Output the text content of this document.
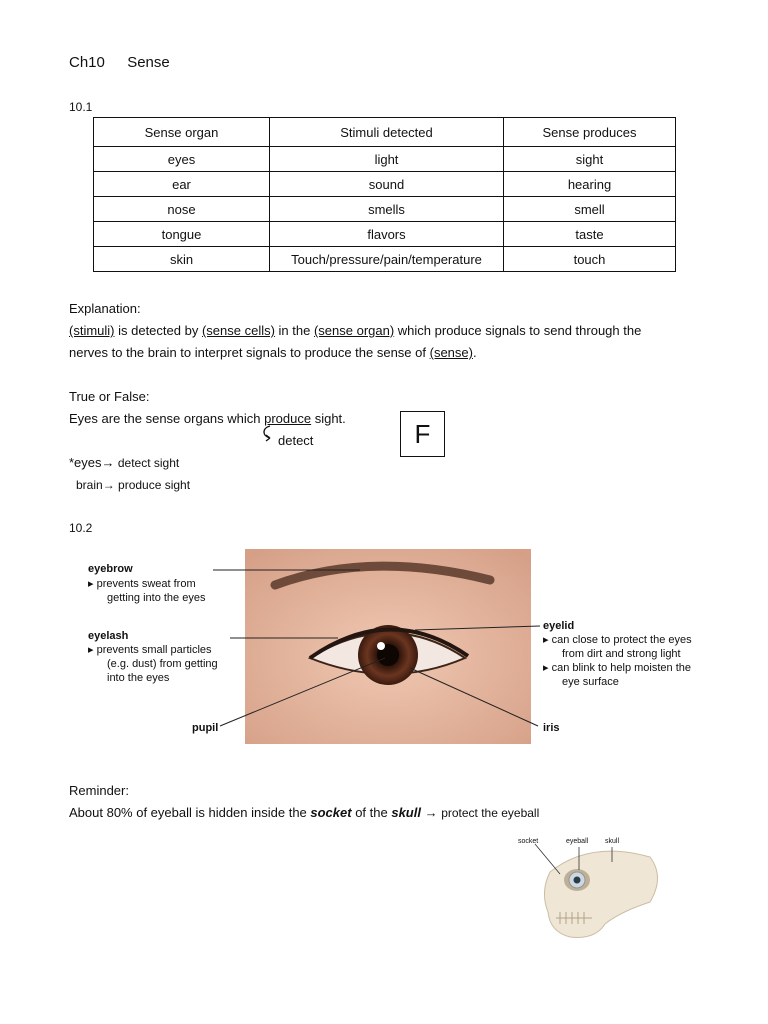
Ch10 Sense
10.1
Sense organ	Stimuli detected	Sense produces
eyes	light	sight
ear	sound	hearing
nose	smells	smell
tongue	flavors	taste
skin	Touch/pressure/pain/temperature	touch
Explanation:
(stimuli) is detected by (sense cells) in the (sense organ) which produce signals to send through the
nerves to the brain to interpret signals to produce the sense of (sense).
True or False:
Eyes are the sense organs which produce sight.
detect	F
*eyes→ detect sight
brain→ produce sight
10.2
eyebrow
▸ prevents sweat from
getting into the eyes
eyelash
▸ prevents small particles
(e.g. dust) from getting
into the eyes
eyelid
▸ can close to protect the eyes
from dirt and strong light
▸ can blink to help moisten the
eye surface
pupil	iris
Reminder:
About 80% of eyeball is hidden inside the socket of the skull → protect the eyeball
socket	eyeball skull
